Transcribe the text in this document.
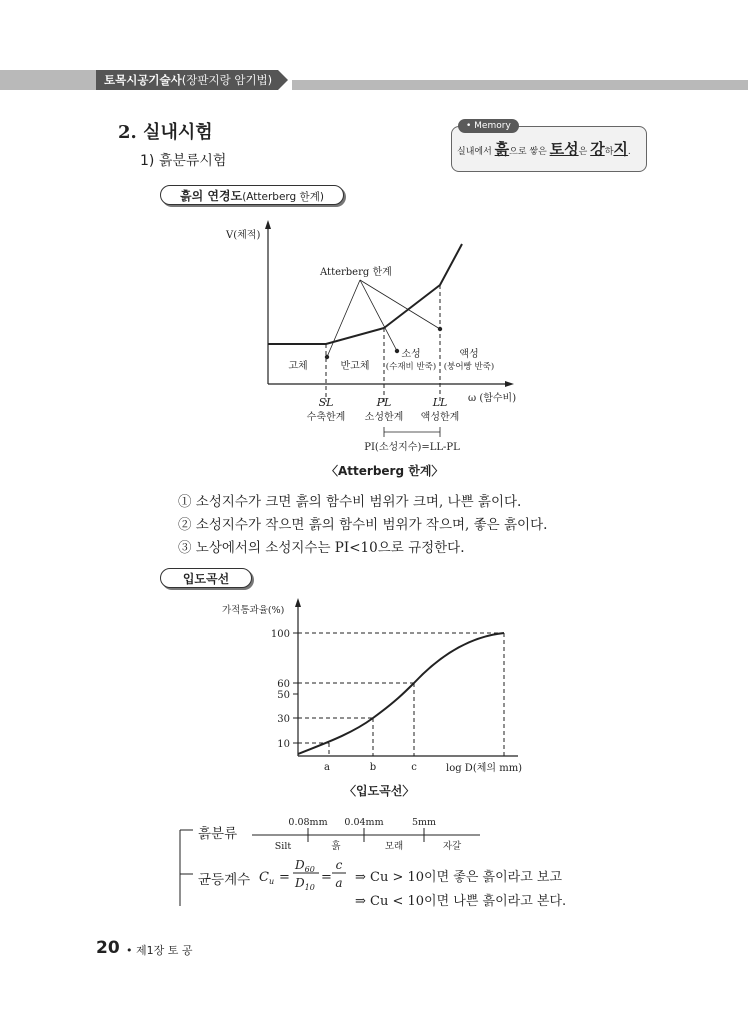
토목시공기술사(장판지랑 암기법)
2. 실내시험
1) 흙분류시험
• Memory
실내에서 흙으로 쌓은 토성은 강하지.
흙의 연경도(Atterberg 한계)
V(체적)
Atterberg 한계
고체	반고체
소성
(수재비 반죽)
액성
(붕어빵 반죽)
ω (함수비)
SL	PL	LL
수축한계 소성한계 액성한계
PI(소성지수)=LL-PL
〈Atterberg 한계〉
① 소성지수가 크면 흙의 함수비 범위가 크며, 나쁜 흙이다.
② 소성지수가 작으면 흙의 함수비 범위가 작으며, 좋은 흙이다.
③ 노상에서의 소성지수는 PI<10으로 규정한다.
입도곡선
가적통과율(%)
100
60
50
30
10
a	b	c	log D(체의 mm)
〈입도곡선〉
0.08mm 0.04mm	5mm
Silt	흙	모래	자갈
$C_u$ =
$D_{60}$
$D_{10}$
=
c
a
흙분류
균등계수	⇒ Cu > 10이면 좋은 흙이라고 보고
⇒ Cu < 10이면 나쁜 흙이라고 본다.
20 • 제1장 토 공
